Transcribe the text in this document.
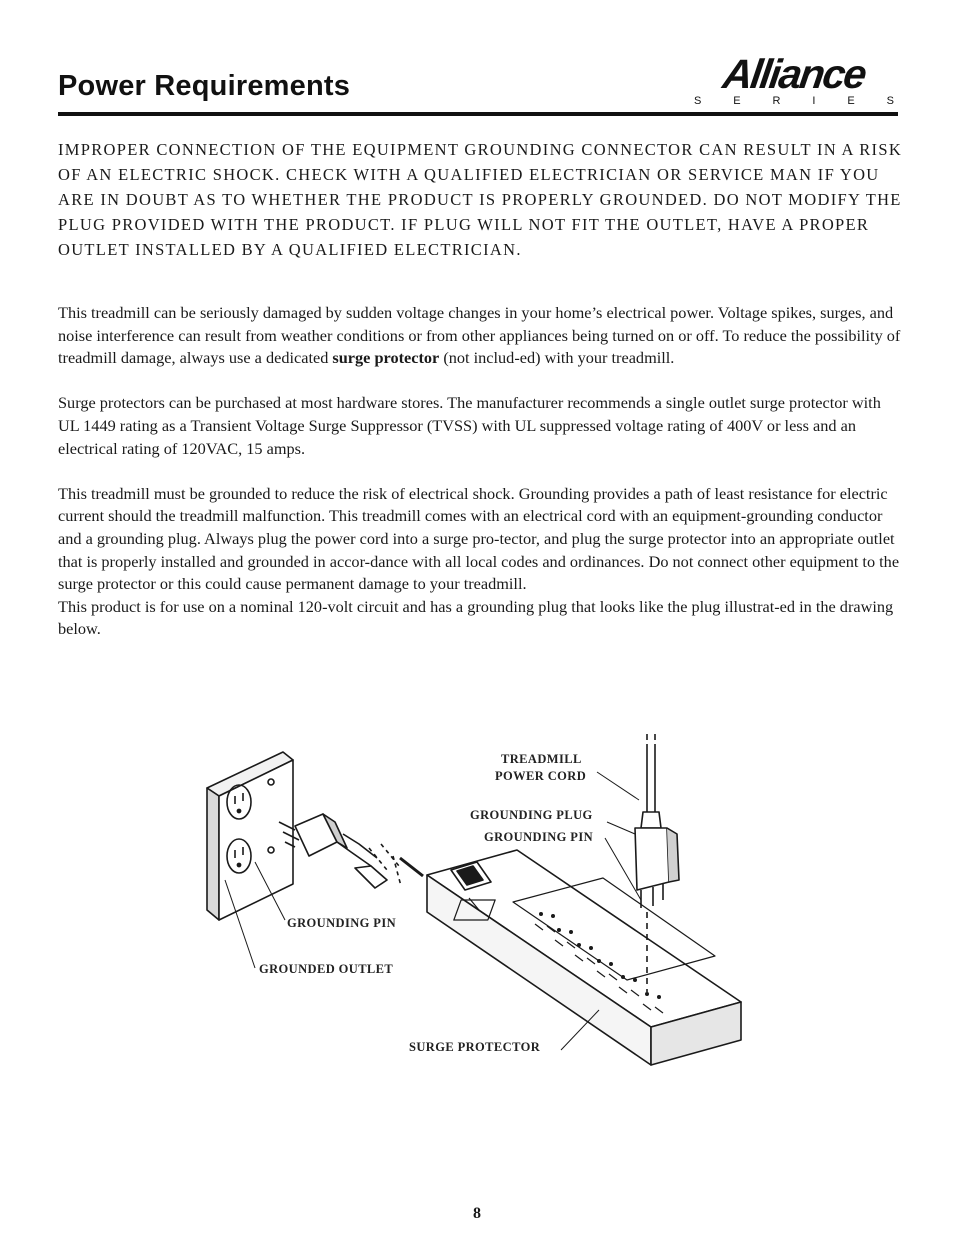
Power Requirements	Alliance
S	E	R	I	E	S
IMPROPER CONNECTION OF THE EQUIPMENT GROUNDING CONNECTOR CAN RESULT IN A RISK OF AN ELECTRIC SHOCK. CHECK WITH A QUALIFIED ELECTRICIAN OR SERVICE MAN IF YOU ARE IN DOUBT AS TO WHETHER THE PRODUCT IS PROPERLY GROUNDED. DO NOT MODIFY THE PLUG PROVIDED WITH THE PRODUCT. IF PLUG WILL NOT FIT THE OUTLET, HAVE A PROPER OUTLET INSTALLED BY A QUALIFIED ELECTRICIAN.

This treadmill can be seriously damaged by sudden voltage changes in your home’s electrical power. Voltage spikes, surges, and noise interference can result from weather conditions or from other appliances being turned on or off. To reduce the possibility of treadmill damage, always use a dedicated surge protector (not includ-ed) with your treadmill.

Surge protectors can be purchased at most hardware stores. The manufacturer recommends a single outlet surge protector with UL 1449 rating as a Transient Voltage Surge Suppressor (TVSS) with UL suppressed voltage rating of 400V or less and an electrical rating of 120VAC, 15 amps.

This treadmill must be grounded to reduce the risk of electrical shock. Grounding provides a path of least resistance for electric current should the treadmill malfunction. This treadmill comes with an electrical cord with an equipment-grounding conductor and a grounding plug. Always plug the power cord into a surge pro-tector, and plug the surge protector into an appropriate outlet that is properly installed and grounded in accor-dance with all local codes and ordinances. Do not connect other equipment to the surge protector or this could cause permanent damage to your treadmill.

This product is for use on a nominal 120-volt circuit and has a grounding plug that looks like the plug illustrat-ed in the drawing below.

TREADMILL
POWER CORD
GROUNDING PLUG
GROUNDING PIN
GROUNDING PIN
GROUNDED OUTLET
SURGE PROTECTOR
8
